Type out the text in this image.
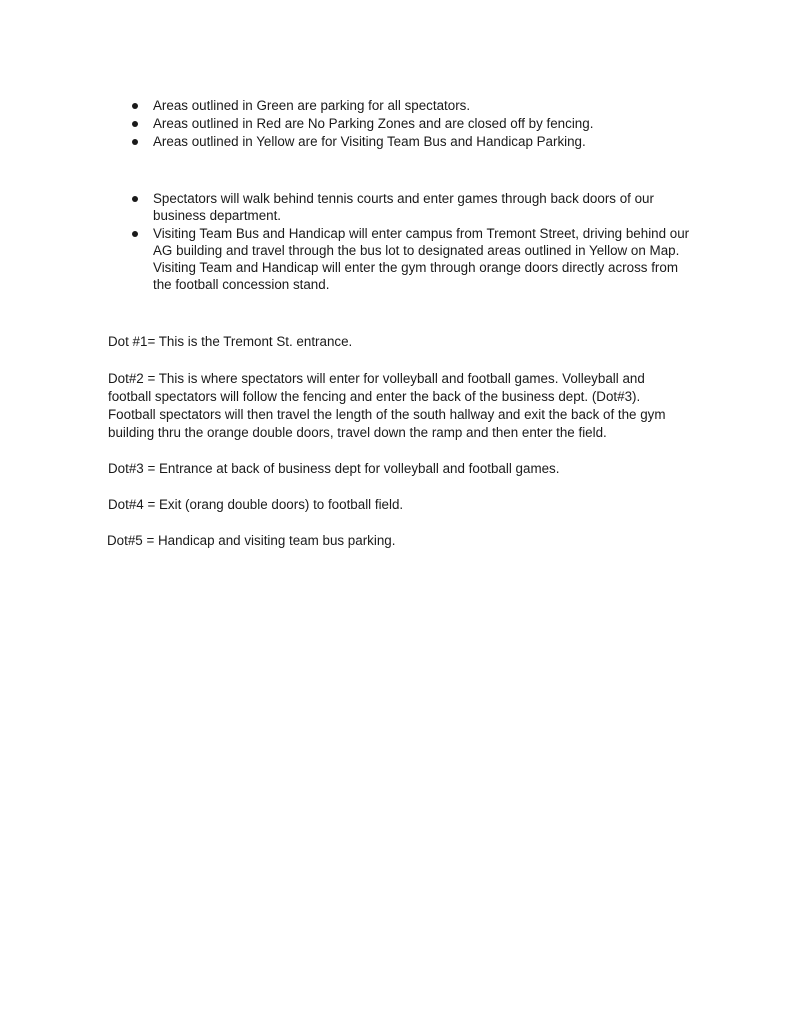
Areas outlined in Green are parking for all spectators.
Areas outlined in Red are No Parking Zones and are closed off by fencing.
Areas outlined in Yellow are for Visiting Team Bus and Handicap Parking.
Spectators will walk behind tennis courts and enter games through back doors of our business department.
Visiting Team Bus and Handicap will enter campus from Tremont Street, driving behind our AG building and travel through the bus lot to designated areas outlined in Yellow on Map. Visiting Team and Handicap will enter the gym through orange doors directly across from the football concession stand.

Dot #1= This is the Tremont St. entrance.

Dot#2 = This is where spectators will enter for volleyball and football games. Volleyball and football spectators will follow the fencing and enter the back of the business dept. (Dot#3). Football spectators will then travel the length of the south hallway and exit the back of the gym building thru the orange double doors, travel down the ramp and then enter the field.

Dot#3 = Entrance at back of business dept for volleyball and football games.

Dot#4 = Exit (orang double doors) to football field.

Dot#5 = Handicap and visiting team bus parking.
